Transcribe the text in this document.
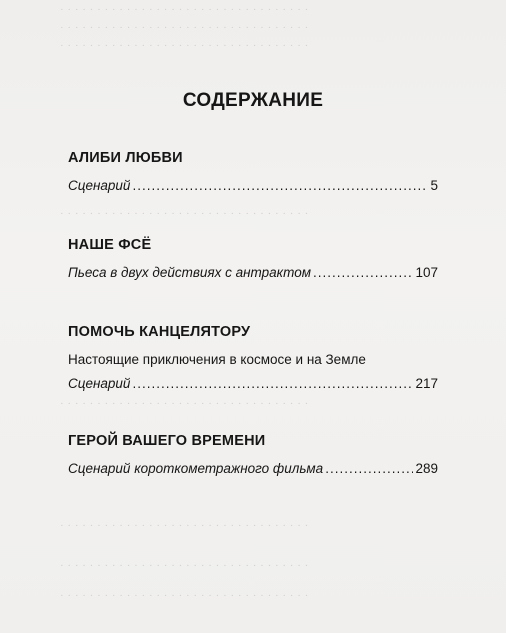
· · · · · · · · · · · · · · · · · · · · · · · · · · · · · · · · · ·
· · · · · · · · · · · · · · · · · · · · · · · · · · · · · · · · · ·
· · · · · · · · · · · · · · · · · · · · · · · · · · · · · · · · · ·
· · · · · · · · · · · · · · · · · · · · · · · · · · · · · · · · · ·
· · · · · · · · · · · · · · · · · · · · · · · · · · · · · · · · · ·
· · · · · · · · · · · · · · · · · · · · · · · · · · · · · · · · · ·
· · · · · · · · · · · · · · · · · · · · · · · · · · · · · · · · · ·
· · · · · · · · · · · · · · · · · · · · · · · · · · · · · · · · · ·
СОДЕРЖАНИЕ
АЛИБИ ЛЮБВИ
Сценарий .....	5
НАШЕ ФСЁ
Пьеса в двух действиях с антрактом .....	107
ПОМОЧЬ КАНЦЕЛЯТОРУ
Настоящие приключения в космосе и на Земле
Сценарий .....	217
ГЕРОЙ ВАШЕГО ВРЕМЕНИ
Сценарий короткометражного фильма .....	289
